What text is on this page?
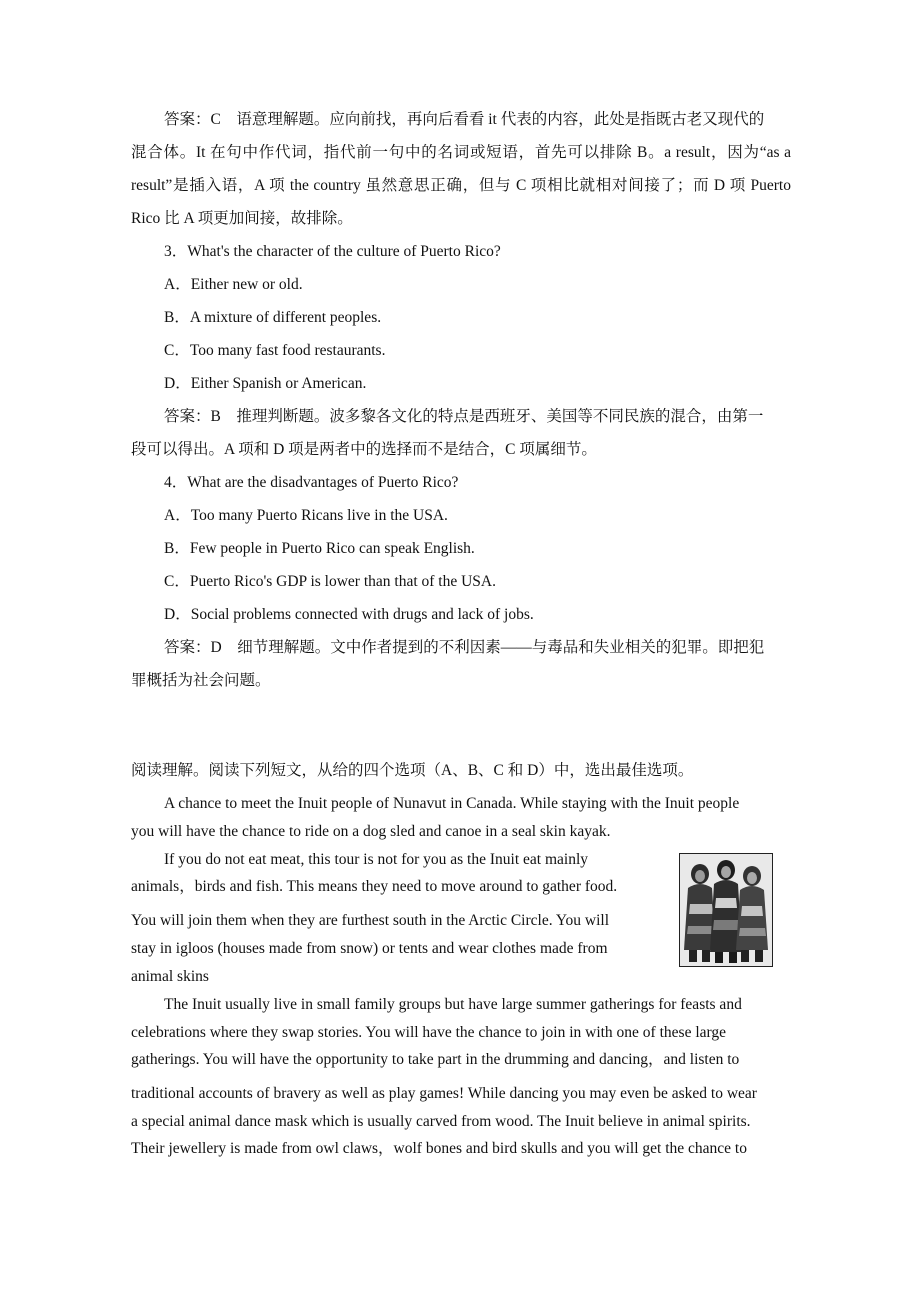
答案：C　语意理解题。应向前找，再向后看看 it 代表的内容，此处是指既古老又现代的
混合体。It 在句中作代词，指代前一句中的名词或短语，首先可以排除 B。a result，因为“as a
result”是插入语，A 项 the country 虽然意思正确，但与 C 项相比就相对间接了；而 D 项 Puerto
Rico 比 A 项更加间接，故排除。
3．What's the character of the culture of Puerto Rico?
A．Either new or old.
B．A mixture of different peoples.
C．Too many fast food restaurants.
D．Either Spanish or American.
答案：B　推理判断题。波多黎各文化的特点是西班牙、美国等不同民族的混合，由第一
段可以得出。A 项和 D 项是两者中的选择而不是结合，C 项属细节。
4．What are the disadvantages of Puerto Rico?
A．Too many Puerto Ricans live in the USA.
B．Few people in Puerto Rico can speak English.
C．Puerto Rico's GDP is lower than that of the USA.
D．Social problems connected with drugs and lack of jobs.
答案：D　细节理解题。文中作者提到的不利因素——与毒品和失业相关的犯罪。即把犯
罪概括为社会问题。
阅读理解。阅读下列短文，从给的四个选项（A、B、C 和 D）中，选出最佳选项。
A chance to meet the Inuit people of Nunavut in Canada. While staying with the Inuit people
you will have the chance to ride on a dog sled and canoe in a seal skin kayak.
If you do not eat meat, this tour is not for you as the Inuit eat mainly
animals，birds and fish. This means they need to move around to gather food.
You will join them when they are furthest south in the Arctic Circle. You will
stay in igloos (houses made from snow) or tents and wear clothes made from
animal skins
The Inuit usually live in small family groups but have large summer gatherings for feasts and
celebrations where they swap stories. You will have the chance to join in with one of these large
gatherings. You will have the opportunity to take part in the drumming and dancing，and listen to
traditional accounts of bravery as well as play games! While dancing you may even be asked to wear
a special animal dance mask which is usually carved from wood. The Inuit believe in animal spirits.
Their jewellery is made from owl claws，wolf bones and bird skulls and you will get the chance to
